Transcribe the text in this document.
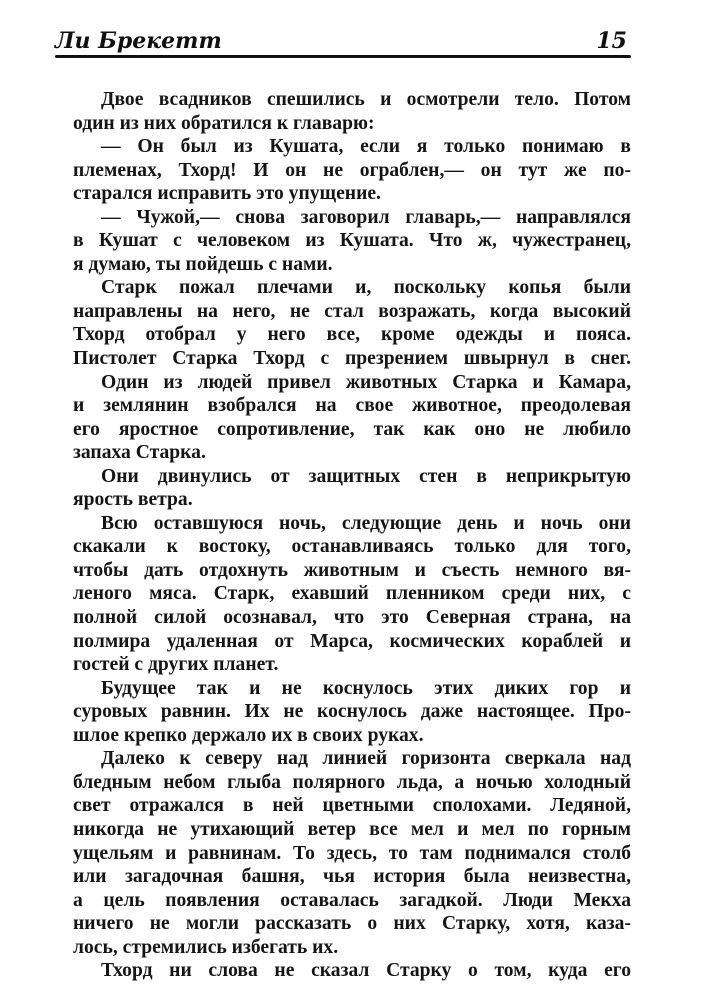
Ли Брекетт	15
Двое всадников спешились и осмотрели тело. Потом
один из них обратился к главарю:
— Он был из Кушата, если я только понимаю в
племенах, Тхорд! И он не ограблен,— он тут же по-
старался исправить это упущение.
— Чужой,— снова заговорил главарь,— направлялся
в Кушат с человеком из Кушата. Что ж, чужестранец,
я думаю, ты пойдешь с нами.
Старк пожал плечами и, поскольку копья были
направлены на него, не стал возражать, когда высокий
Тхорд отобрал у него все, кроме одежды и пояса.
Пистолет Старка Тхорд с презрением швырнул в снег.
Один из людей привел животных Старка и Камара,
и землянин взобрался на свое животное, преодолевая
его яростное сопротивление, так как оно не любило
запаха Старка.
Они двинулись от защитных стен в неприкрытую
ярость ветра.
Всю оставшуюся ночь, следующие день и ночь они
скакали к востоку, останавливаясь только для того,
чтобы дать отдохнуть животным и съесть немного вя-
леного мяса. Старк, ехавший пленником среди них, с
полной силой осознавал, что это Северная страна, на
полмира удаленная от Марса, космических кораблей и
гостей с других планет.
Будущее так и не коснулось этих диких гор и
суровых равнин. Их не коснулось даже настоящее. Про-
шлое крепко держало их в своих руках.
Далеко к северу над линией горизонта сверкала над
бледным небом глыба полярного льда, а ночью холодный
свет отражался в ней цветными сполохами. Ледяной,
никогда не утихающий ветер все мел и мел по горным
ущельям и равнинам. То здесь, то там поднимался столб
или загадочная башня, чья история была неизвестна,
а цель появления оставалась загадкой. Люди Мекха
ничего не могли рассказать о них Старку, хотя, каза-
лось, стремились избегать их.
Тхорд ни слова не сказал Старку о том, куда его
